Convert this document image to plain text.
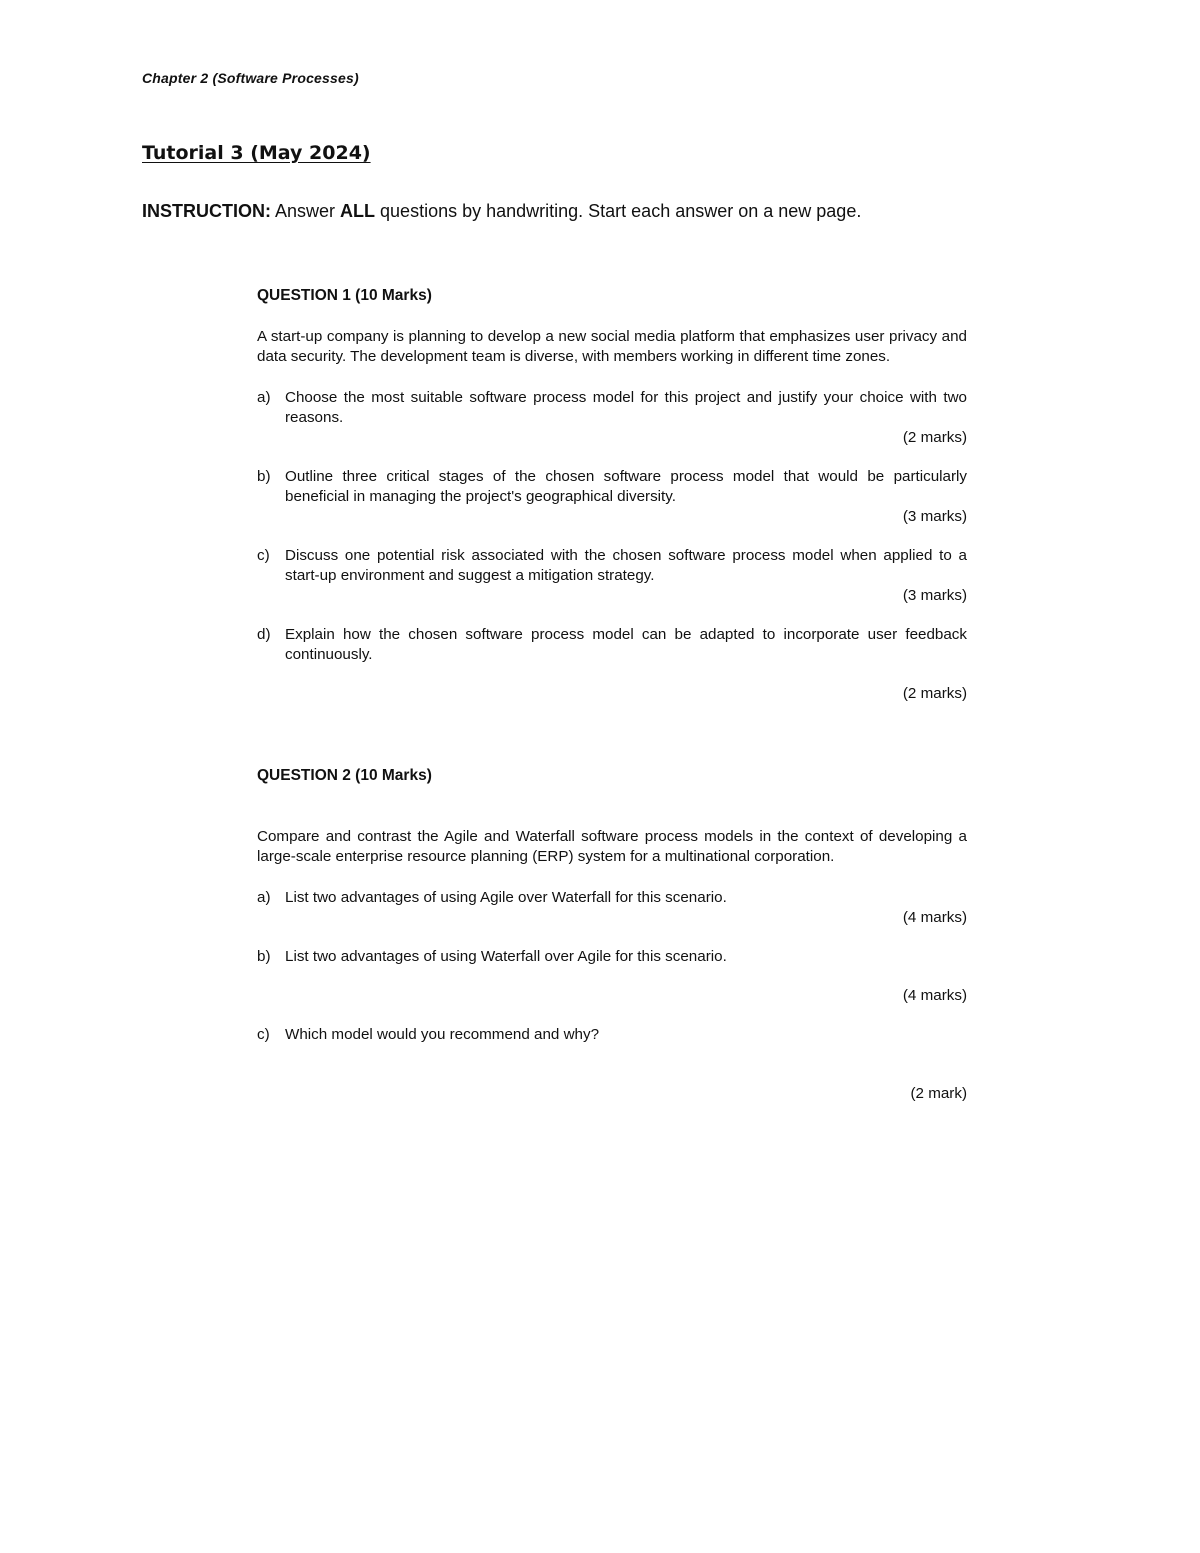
Chapter 2 (Software Processes)
Tutorial 3 (May 2024)
INSTRUCTION: Answer ALL questions by handwriting. Start each answer on a new page.
QUESTION 1 (10 Marks)
A start-up company is planning to develop a new social media platform that emphasizes user privacy and data security. The development team is diverse, with members working in different time zones.
a) Choose the most suitable software process model for this project and justify your choice with two reasons.
(2 marks)
b) Outline three critical stages of the chosen software process model that would be particularly beneficial in managing the project's geographical diversity.
(3 marks)
c)	Discuss one potential risk associated with the chosen software process model when applied to a start-up environment and suggest a mitigation strategy.
(3 marks)
d) Explain how the chosen software process model can be adapted to incorporate user feedback continuously.
(2 marks)
QUESTION 2 (10 Marks)
Compare and contrast the Agile and Waterfall software process models in the context of developing a large-scale enterprise resource planning (ERP) system for a multinational corporation.
a) List two advantages of using Agile over Waterfall for this scenario.
(4 marks)
b) List two advantages of using Waterfall over Agile for this scenario.
(4 marks)
c)	Which model would you recommend and why?
(2 mark)
